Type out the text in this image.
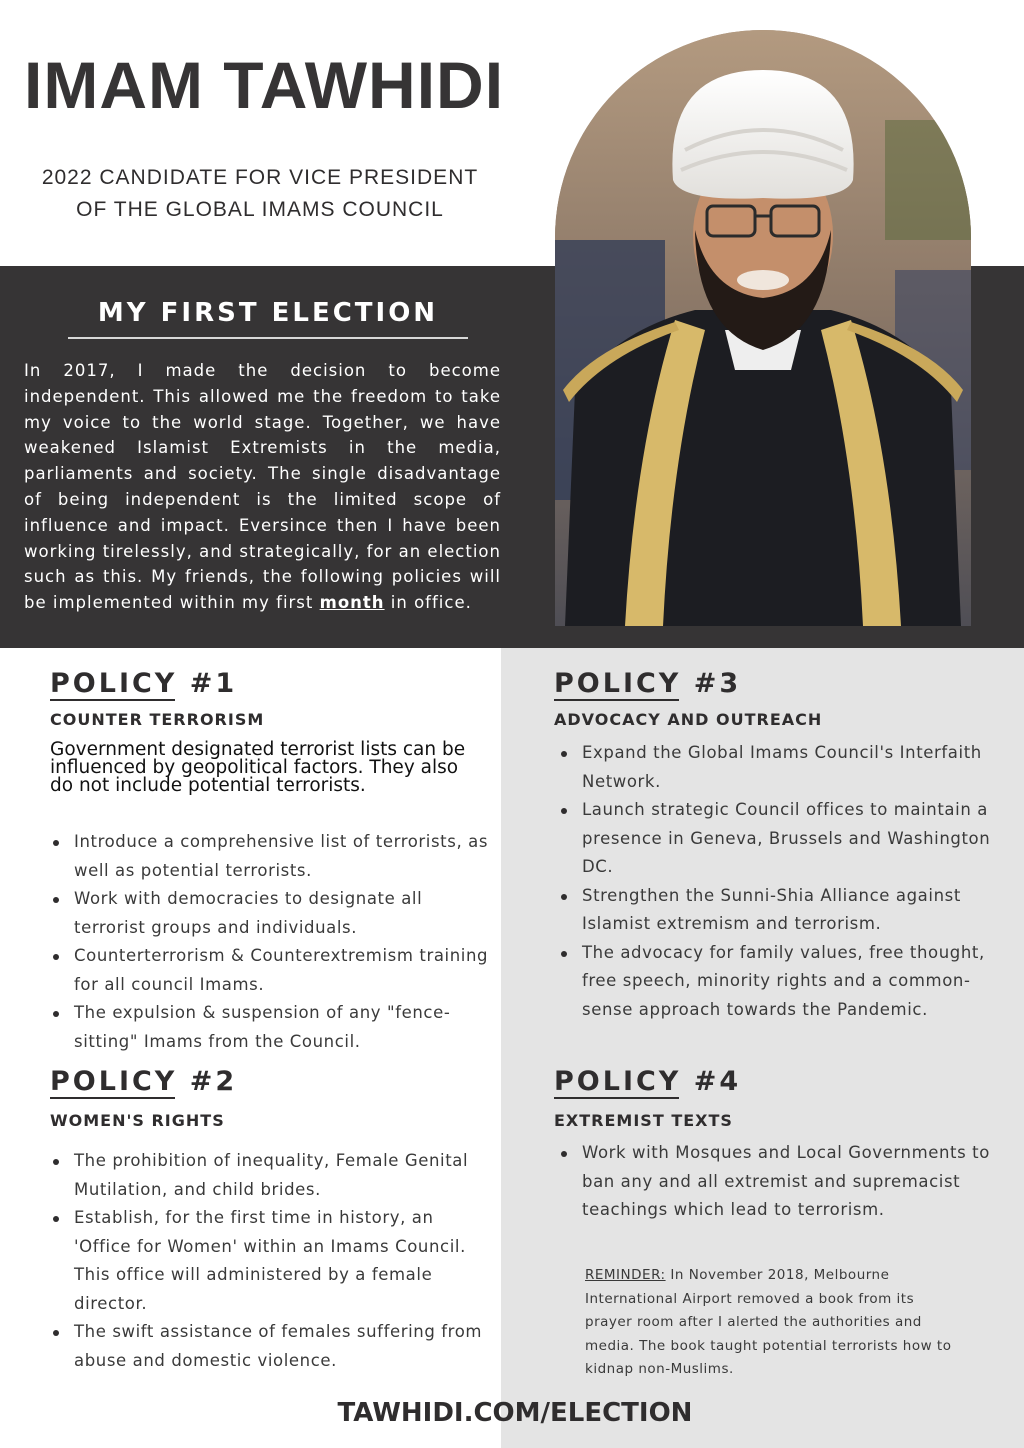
IMAM TAWHIDI
2022 CANDIDATE FOR VICE PRESIDENT
OF THE GLOBAL IMAMS COUNCIL
MY FIRST ELECTION
In 2017, I made the decision to become independent. This allowed me the freedom to take my voice to the world stage. Together, we have weakened Islamist Extremists in the media, parliaments and society. The single disadvantage of being independent is the limited scope of influence and impact. Eversince then I have been working tirelessly, and strategically, for an election such as this. My friends, the following policies will be implemented within my first month in office.
POLICY #1
COUNTER TERRORISM
Government designated terrorist lists can be influenced by geopolitical factors. They also do not include potential terrorists.
Introduce a comprehensive list of terrorists, as well as potential terrorists.
Work with democracies to designate all terrorist groups and individuals.
Counterterrorism & Counterextremism training for all council Imams.
The expulsion & suspension of any "fence-sitting" Imams from the Council.
POLICY #2
WOMEN'S RIGHTS
The prohibition of inequality, Female Genital Mutilation, and child brides.
Establish, for the first time in history, an 'Office for Women' within an Imams Council. This office will administered by a female director.
The swift assistance of females suffering from abuse and domestic violence.
POLICY #3
ADVOCACY AND OUTREACH
Expand the Global Imams Council's Interfaith Network.
Launch strategic Council offices to maintain a presence in Geneva, Brussels and Washington DC.
Strengthen the Sunni-Shia Alliance against Islamist extremism and terrorism.
The advocacy for family values, free thought, free speech, minority rights and a common-sense approach towards the Pandemic.
POLICY #4
EXTREMIST TEXTS
Work with Mosques and Local Governments to ban any and all extremist and supremacist teachings which lead to terrorism.
REMINDER: In November 2018, Melbourne International Airport removed a book from its prayer room after I alerted the authorities and media. The book taught potential terrorists how to kidnap non-Muslims.
TAWHIDI.COM/ELECTION
